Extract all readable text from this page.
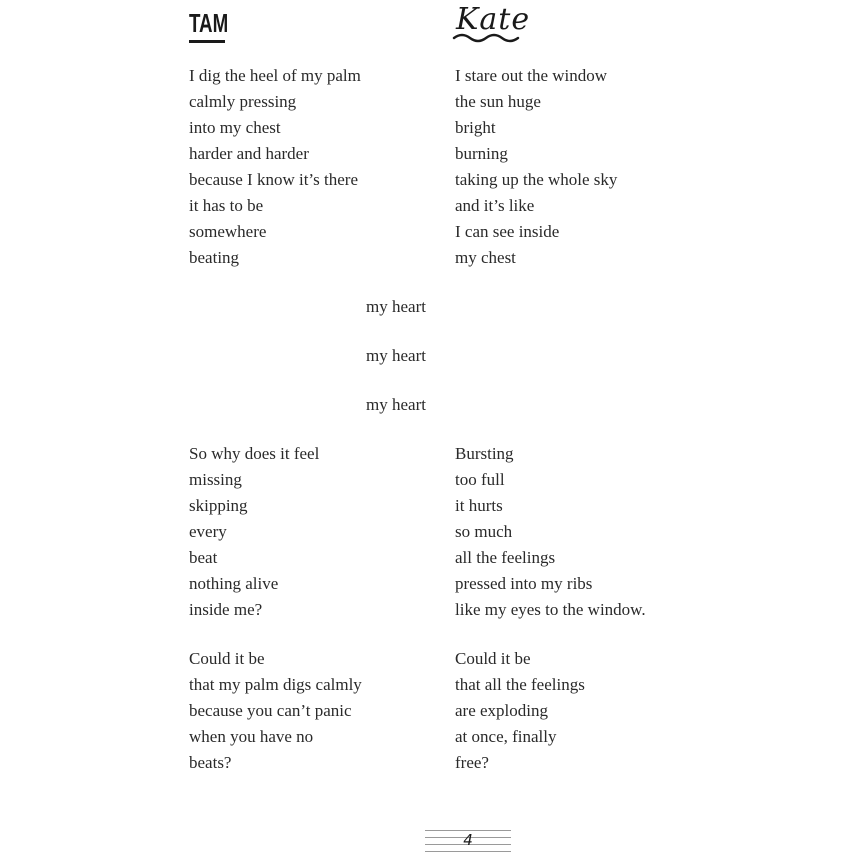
TAM	Kate
I dig the heel of my palm
calmly pressing
into my chest
harder and harder
because I know it’s there
it has to be
somewhere
beating
I stare out the window
the sun huge
bright
burning
taking up the whole sky
and it’s like
I can see inside
my chest
my heart
my heart
my heart
So why does it feel
missing
skipping
every
beat
nothing alive
inside me?
Bursting
too full
it hurts
so much
all the feelings
pressed into my ribs
like my eyes to the window.
Could it be
that my palm digs calmly
because you can’t panic
when you have no
beats?
Could it be
that all the feelings
are exploding
at once, finally
free?
4
